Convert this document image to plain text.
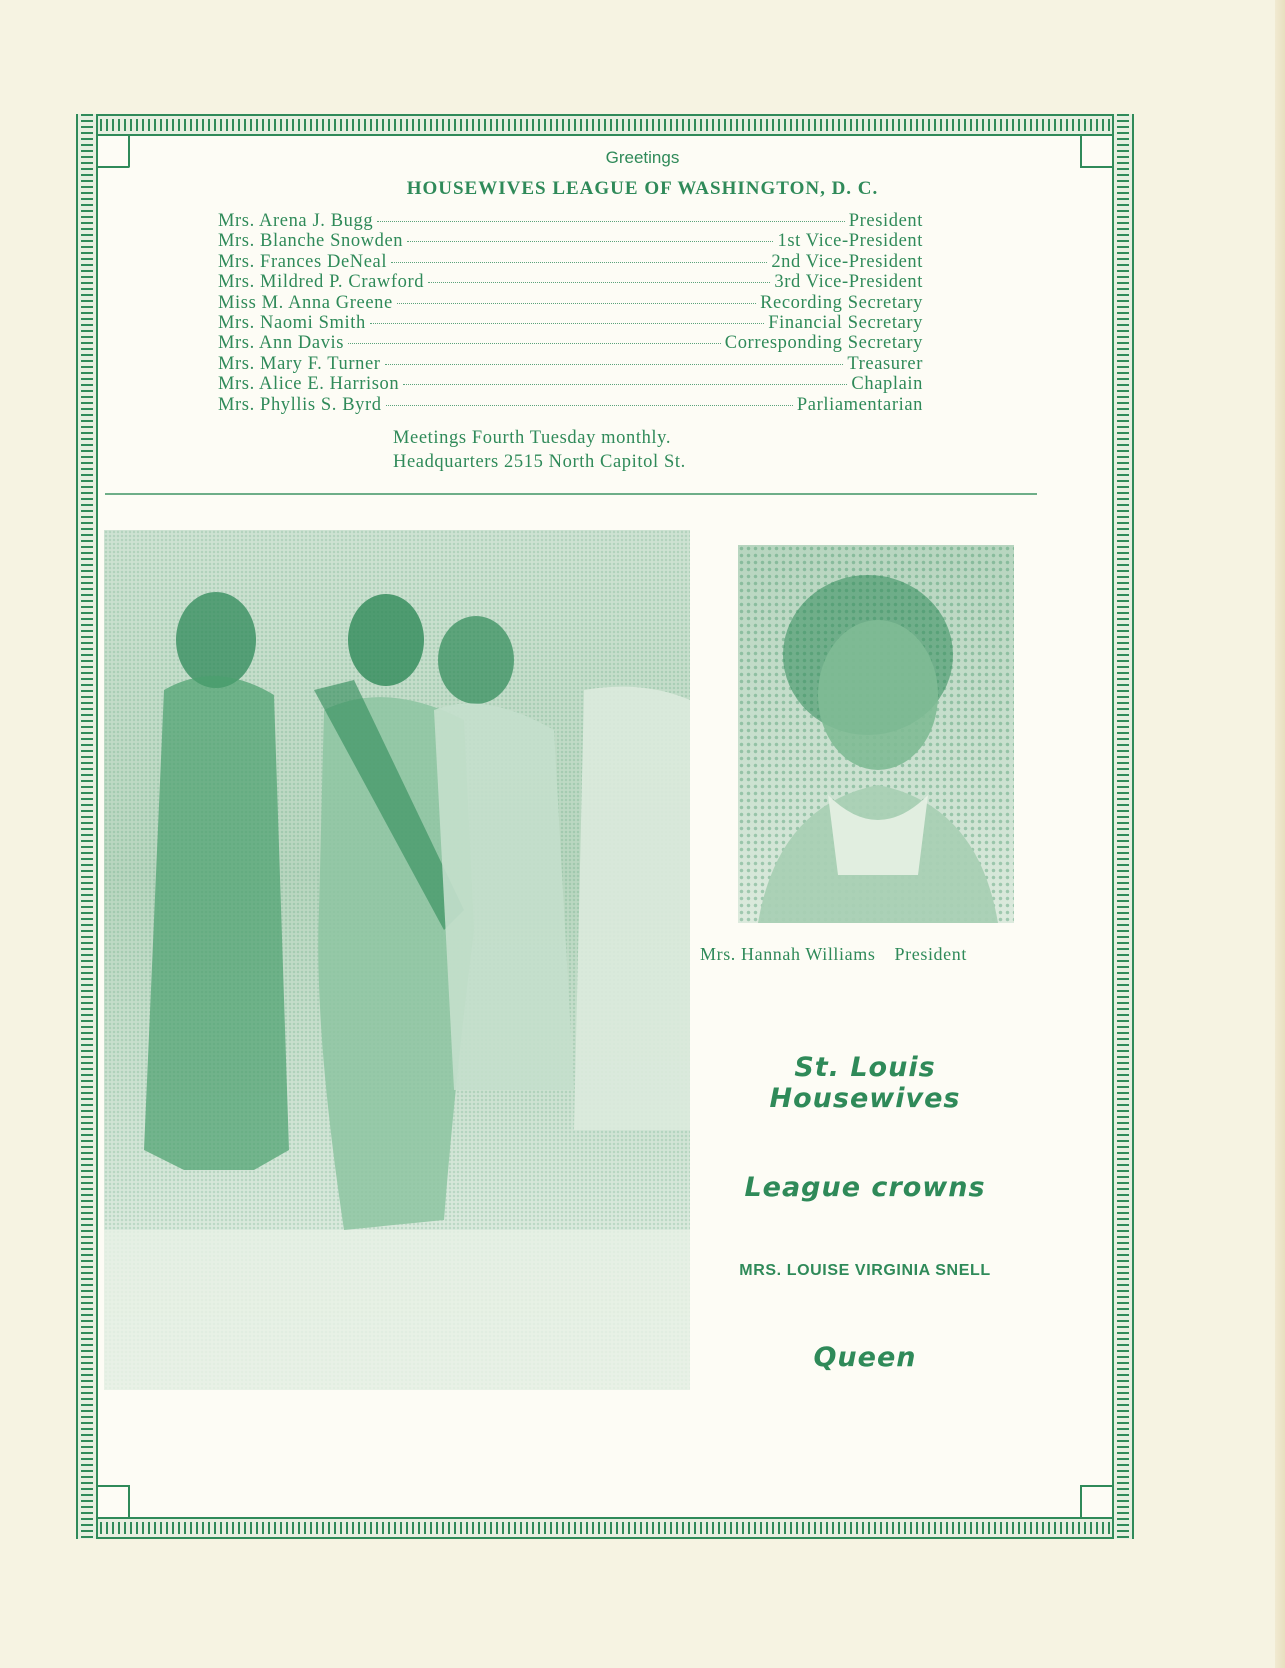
Greetings
HOUSEWIVES LEAGUE OF WASHINGTON, D. C.
Mrs. Arena J. Bugg	President
Mrs. Blanche Snowden	1st Vice-President
Mrs. Frances DeNeal	2nd Vice-President
Mrs. Mildred P. Crawford	3rd Vice-President
Miss M. Anna Greene	Recording Secretary
Mrs. Naomi Smith	Financial Secretary
Mrs. Ann Davis	Corresponding Secretary
Mrs. Mary F. Turner	Treasurer
Mrs. Alice E. Harrison	Chaplain
Mrs. Phyllis S. Byrd	Parliamentarian
Meetings Fourth Tuesday monthly.
Headquarters 2515 North Capitol St.
Mrs. Hannah Williams President
St. Louis Housewives
League crowns
MRS. LOUISE VIRGINIA SNELL
Queen
